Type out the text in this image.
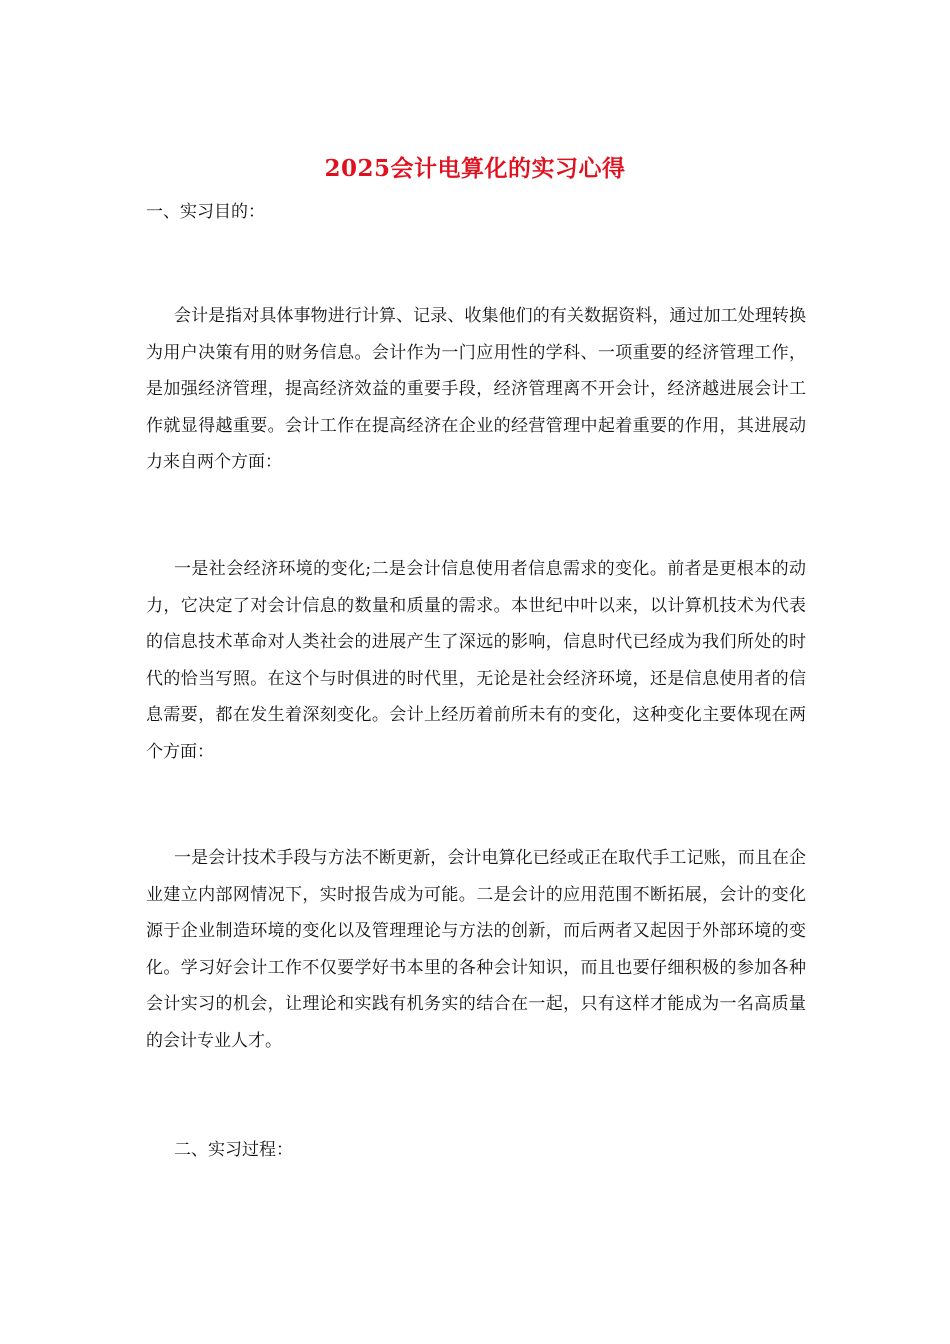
2025会计电算化的实习心得
一、实习目的：
会计是指对具体事物进行计算、记录、收集他们的有关数据资料，通过加工处理转换为用户决策有用的财务信息。会计作为一门应用性的学科、一项重要的经济管理工作，是加强经济管理，提高经济效益的重要手段，经济管理离不开会计，经济越进展会计工作就显得越重要。会计工作在提高经济在企业的经营管理中起着重要的作用，其进展动力来自两个方面：
一是社会经济环境的变化;二是会计信息使用者信息需求的变化。前者是更根本的动力，它决定了对会计信息的数量和质量的需求。本世纪中叶以来，以计算机技术为代表的信息技术革命对人类社会的进展产生了深远的影响，信息时代已经成为我们所处的时代的恰当写照。在这个与时俱进的时代里，无论是社会经济环境，还是信息使用者的信息需要，都在发生着深刻变化。会计上经历着前所未有的变化，这种变化主要体现在两个方面：
一是会计技术手段与方法不断更新，会计电算化已经或正在取代手工记账，而且在企业建立内部网情况下，实时报告成为可能。二是会计的应用范围不断拓展，会计的变化源于企业制造环境的变化以及管理理论与方法的创新，而后两者又起因于外部环境的变化。学习好会计工作不仅要学好书本里的各种会计知识，而且也要仔细积极的参加各种会计实习的机会，让理论和实践有机务实的结合在一起，只有这样才能成为一名高质量的会计专业人才。
二、实习过程：
